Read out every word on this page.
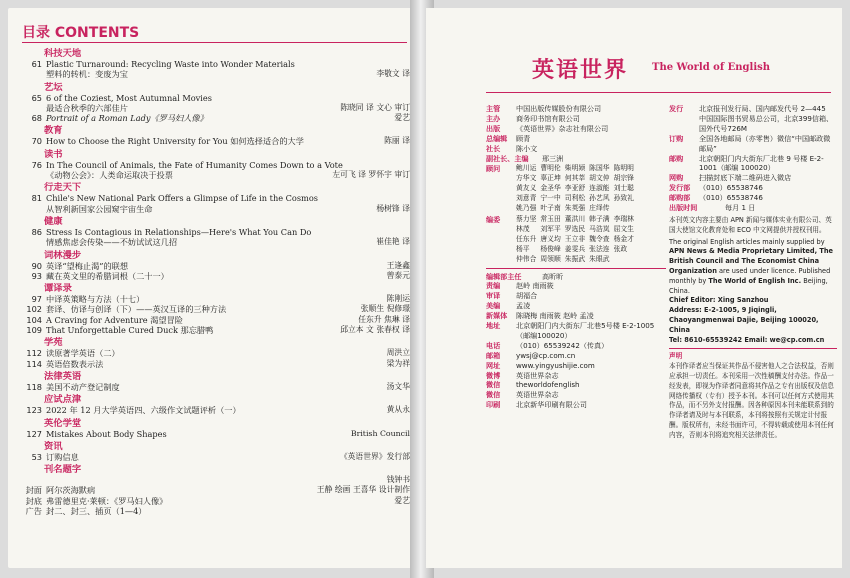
目录 CONTENTS
科技天地
61 Plastic Turnaround: Recycling Waste into Wonder Materials
塑料的转机：变废为宝	李敬文 译
艺坛
65 6 of the Coziest, Most Autumnal Movies
最适合秋季的六部佳片	陈晓同 译 文心 审订
68 Portrait of a Roman Lady《罗马妇人像》	爱艺
教育
70 How to Choose the Right University for You 如何选择适合的大学	陈丽 译
读书
76 In The Council of Animals, the Fate of Humanity Comes Down to a Vote
《动物公会》：人类命运取决于投票	左可飞 译 罗怀宇 审订
行走天下
81 Chile's New National Park Offers a Glimpse of Life in the Cosmos
从智利新国家公园窥宇宙生命	杨树锋 译
健康
86 Stress Is Contagious in Relationships—Here's What You Can Do
情感焦虑会传染——不妨试试这几招	崔佳艳 译
词林漫步
90 英译“望梅止渴”的联想	王逢鑫
93 藏在英文里的希腊词根（二十一）	曾泰元
谭译录
97 中译英策略与方法（十七）	陈刚运
102 套译、仿译与创译（下）——英汉互译的三种方法	张顺生 倪修璟
104 A Craving for Adventure 渴望冒险	任东升 焦琳 译
109 That Unforgettable Cured Duck 那忘腊鸭	邱立本 文 张春权 译
学苑
112 读原著学英语（二）	周洪立
114 英语倍数表示法	梁为祥
法律英语
118 美国不动产登记制度	汤文华
应试点津
123 2022 年 12 月大学英语四、六级作文试题评析（一）	黄从永
英伦学堂
127 Mistakes About Body Shapes	British Council
资讯
53 订购信息	《英语世界》发行部
刊名题字
钱钟书
封面 阿尔茨海默病	王静 绘画 王喜华 设计制作
封底 弗雷德里克·莱顿：《罗马妇人像》	爱艺
广告 封二、封三、插页（1—4）
英语世界 The World of English
主管	中国出版传媒股份有限公司
主办	商务印书馆有限公司
出版	《英语世界》杂志社有限公司
总编辑	顾青
社长	陈小文
副社长、主编	邢三洲
顾问	鲍川运 曹明伦 柴明颎 陈国华 陈明明
方华文 辜正坤 何其莘 胡文仲 胡宗锋
黄友义 金圣华 李亚舒 连淑能 刘士聪
刘意青 宁一中 司利松 孙艺风 孙致礼
姚乃强 叶子南 朱英强 庄绎传
编委	蔡力坚 常玉田 董洪川 韩子满 李瑞林
林茂	刘军平 罗选民 马浩岚 屈文生
任东升 唐义均 王立非 魏令查 杨金才
杨平	杨俊峰 姜雯兵 张法连 张政
仲伟合 周领顺 朱振武 朱眼武
编辑部主任	高昕昕
责编	赵岭 南雨筱
审译	胡福合
美编	孟凌
新媒体	陈晓梅 南雨筱 赵岭 孟凌
地址	北京朝阳门内大街东厂北巷5号楼 E-2-1005（邮编100020）
电话	（010）65539242（传真）
邮箱	ywsj@cp.com.cn
网址	www.yingyushijie.com
微博	英语世界杂志
微信	theworldofenglish
微信	英语世界杂志
印刷	北京新华印刷有限公司
发行	北京报刊发行局、国内邮发代号 2—445
中国国际图书贸易总公司，北京399信箱、国外代号726M
订购	全国各地邮局（亦零售）微信“中国邮政微邮局”
邮购	北京朝阳门内大街东厂北巷 9 号楼 E-2-1001（邮编 100020）
网购	扫描封底下端二维码进入微店
发行部	（010）65538746
邮购部	（010）65538746
出版时间	每月 1 日
本刊英文内容主要由 APN 新闻与媒体实业有限公司、英国大使馆文化教育处和 ECO 中文网提供并授权刊用。
The original English articles mainly supplied by APN News & Media Proprietary Limited, The British Council and The Economist China Organization are used under licence. Published monthly by The World of English Inc. Beijing, China.
Chief Editor: Xing Sanzhou
Address: E-2-1005, 9 Jiqingli, Chaoyangmenwai Dajie, Beijing 100020, China
Tel: 8610-65539242 Email: we@cp.com.cn
声明
本刊作译者应当保证其作品不侵害他人之合法权益，否则应承担一切责任。本刊采用一次性稿酬支付办法。作品一经发表，即视为作译者同意将其作品之专有出版权及信息网络传播权（专有）授予本刊。本刊可以任何方式使用其作品，而不另外支付报酬。因各种原因本刊未能联系到的作译者请及时与本刊联系，本刊将按照有关规定计付报酬。版权所有，未经书面许可，不得转载或使用本刊任何内容，否则本刊将追究相关法律责任。
